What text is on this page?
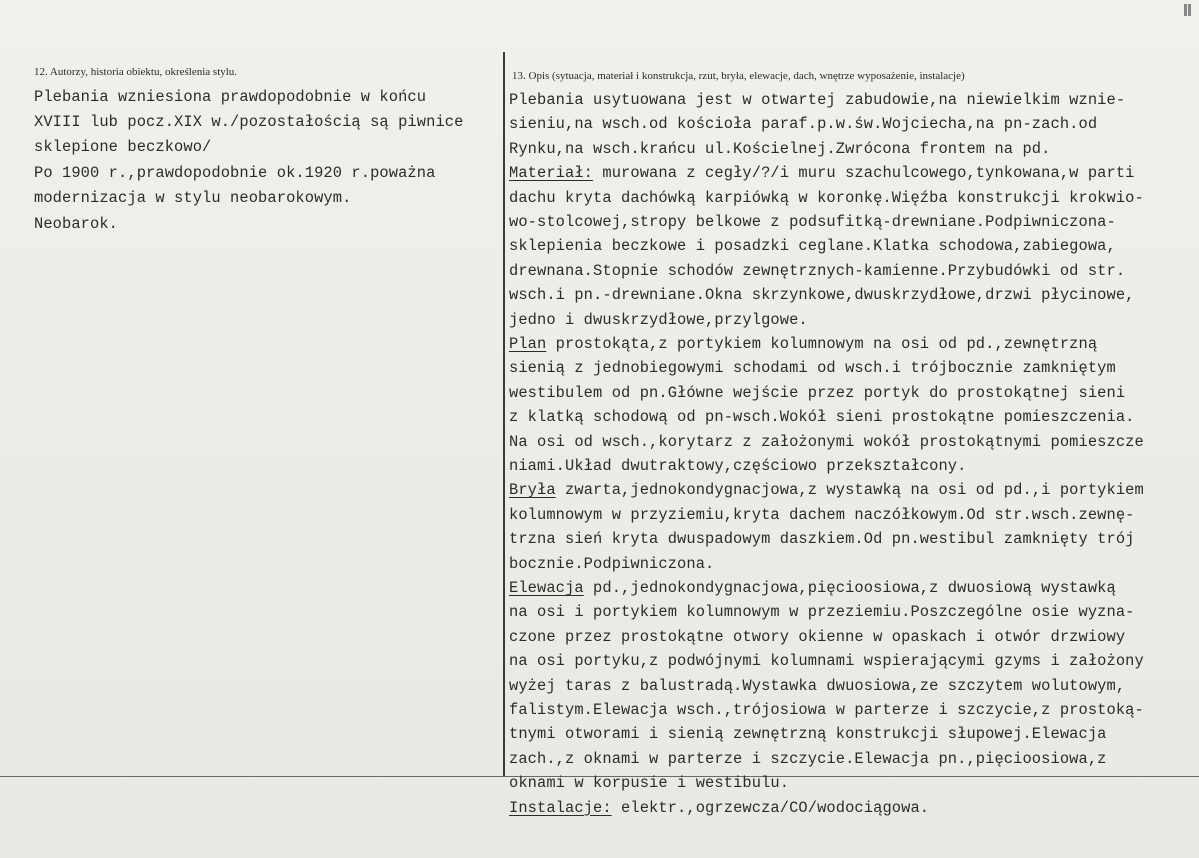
12. Autorzy, historia obiektu, określenia stylu.	13. Opis (sytuacja, materiał i konstrukcja, rzut, bryła, elewacje, dach, wnętrze wyposażenie, instalacje)
Plebania wzniesiona prawdopodobnie w końcu
XVIII lub pocz.XIX w./pozostałością są piwnice
sklepione beczkowo/
Po 1900 r.,prawdopodobnie ok.1920 r.poważna
modernizacja w stylu neobarokowym.
Neobarok.
Plebania usytuowana jest w otwartej zabudowie,na niewielkim wznie-
sieniu,na wsch.od kościoła paraf.p.w.św.Wojciecha,na pn-zach.od
Rynku,na wsch.krańcu ul.Kościelnej.Zwrócona frontem na pd.
Materiał: murowana z cegły/?/i muru szachulcowego,tynkowana,w parti
dachu kryta dachówką karpiówką w koronkę.Więźba konstrukcji krokwio-
wo-stolcowej,stropy belkowe z podsufitką-drewniane.Podpiwniczona-
sklepienia beczkowe i posadzki ceglane.Klatka schodowa,zabiegowa,
drewnana.Stopnie schodów zewnętrznych-kamienne.Przybudówki od str.
wsch.i pn.-drewniane.Okna skrzynkowe,dwuskrzydłowe,drzwi płycinowe,
jedno i dwuskrzydłowe,przylgowe.
Plan prostokąta,z portykiem kolumnowym na osi od pd.,zewnętrzną
sienią z jednobiegowymi schodami od wsch.i trójbocznie zamkniętym
westibulem od pn.Główne wejście przez portyk do prostokątnej sieni
z klatką schodową od pn-wsch.Wokół sieni prostokątne pomieszczenia.
Na osi od wsch.,korytarz z założonymi wokół prostokątnymi pomieszcze
niami.Układ dwutraktowy,częściowo przekształcony.
Bryła zwarta,jednokondygnacjowa,z wystawką na osi od pd.,i portykiem
kolumnowym w przyziemiu,kryta dachem naczółkowym.Od str.wsch.zewnę-
trzna sień kryta dwuspadowym daszkiem.Od pn.westibul zamknięty trój
bocznie.Podpiwniczona.
Elewacja pd.,jednokondygnacjowa,pięcioosiowa,z dwuosiową wystawką
na osi i portykiem kolumnowym w przeziemiu.Poszczególne osie wyzna-
czone przez prostokątne otwory okienne w opaskach i otwór drzwiowy
na osi portyku,z podwójnymi kolumnami wspierającymi gzyms i założony
wyżej taras z balustradą.Wystawka dwuosiowa,ze szczytem wolutowym,
falistym.Elewacja wsch.,trójosiowa w parterze i szczycie,z prostoką-
tnymi otworami i sienią zewnętrzną konstrukcji słupowej.Elewacja
zach.,z oknami w parterze i szczycie.Elewacja pn.,pięcioosiowa,z
oknami w korpusie i westibulu.
Instalacje: elektr.,ogrzewcza/CO/wodociągowa.
